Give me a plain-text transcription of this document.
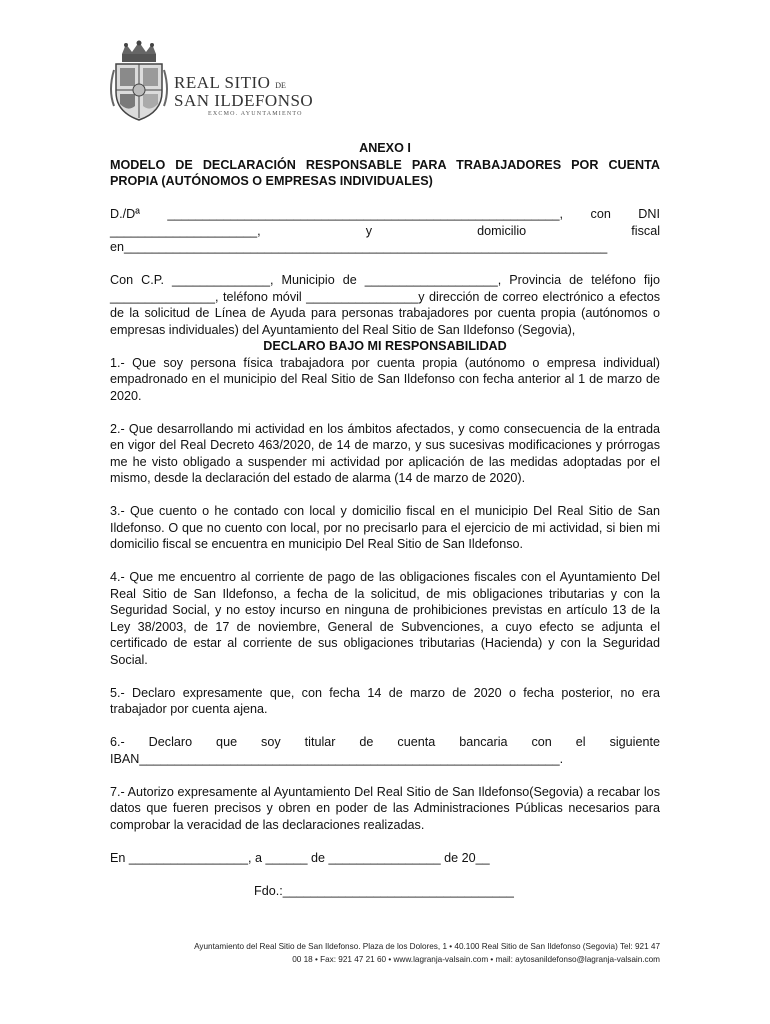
REAL SITIO DE
SAN ILDEFONSO
EXCMO. AYUNTAMIENTO
ANEXO I
MODELO DE DECLARACIÓN RESPONSABLE PARA TRABAJADORES POR CUENTA PROPIA (AUTÓNOMOS O EMPRESAS INDIVIDUALES)
D./Dª ________________________________________________________, con DNI
_____________________, y domicilio fiscal
en_____________________________________________________________________

Con C.P. ______________, Municipio de ___________________, Provincia de teléfono fijo _______________, teléfono móvil ________________y dirección de correo electrónico a efectos de la solicitud de Línea de Ayuda para personas trabajadores por cuenta propia (autónomos o empresas individuales) del Ayuntamiento del Real Sitio de San Ildefonso (Segovia),

DECLARO BAJO MI RESPONSABILIDAD

1.- Que soy persona física trabajadora por cuenta propia (autónomo o empresa individual) empadronado en el municipio del Real Sitio de San Ildefonso con fecha anterior al 1 de marzo de 2020.

2.- Que desarrollando mi actividad en los ámbitos afectados, y como consecuencia de la entrada en vigor del Real Decreto 463/2020, de 14 de marzo, y sus sucesivas modificaciones y prórrogas me he visto obligado a suspender mi actividad por aplicación de las medidas adoptadas por el mismo, desde la declaración del estado de alarma (14 de marzo de 2020).

3.- Que cuento o he contado con local y domicilio fiscal en el municipio Del Real Sitio de San Ildefonso. O que no cuento con local, por no precisarlo para el ejercicio de mi actividad, si bien mi domicilio fiscal se encuentra en municipio Del Real Sitio de San Ildefonso.

4.- Que me encuentro al corriente de pago de las obligaciones fiscales con el Ayuntamiento Del Real Sitio de San Ildefonso, a fecha de la solicitud, de mis obligaciones tributarias y con la Seguridad Social, y no estoy incurso en ninguna de prohibiciones previstas en artículo 13 de la Ley 38/2003, de 17 de noviembre, General de Subvenciones, a cuyo efecto se adjunta el certificado de estar al corriente de sus obligaciones tributarias (Hacienda) y con la Seguridad Social.

5.- Declaro expresamente que, con fecha 14 de marzo de 2020 o fecha posterior, no era trabajador por cuenta ajena.

6.- Declaro que soy titular de cuenta bancaria con el siguiente
IBAN____________________________________________________________.

7.- Autorizo expresamente al Ayuntamiento Del Real Sitio de San Ildefonso(Segovia) a recabar los datos que fueren precisos y obren en poder de las Administraciones Públicas necesarios para comprobar la veracidad de las declaraciones realizadas.

En _________________, a ______ de ________________ de 20__
Fdo.:_________________________________
Ayuntamiento del Real Sitio de San Ildefonso. Plaza de los Dolores, 1 • 40.100 Real Sitio de San Ildefonso (Segovia) Tel: 921 47
00 18 • Fax: 921 47 21 60 • www.lagranja-valsain.com • mail: aytosanildefonso@lagranja-valsain.com
